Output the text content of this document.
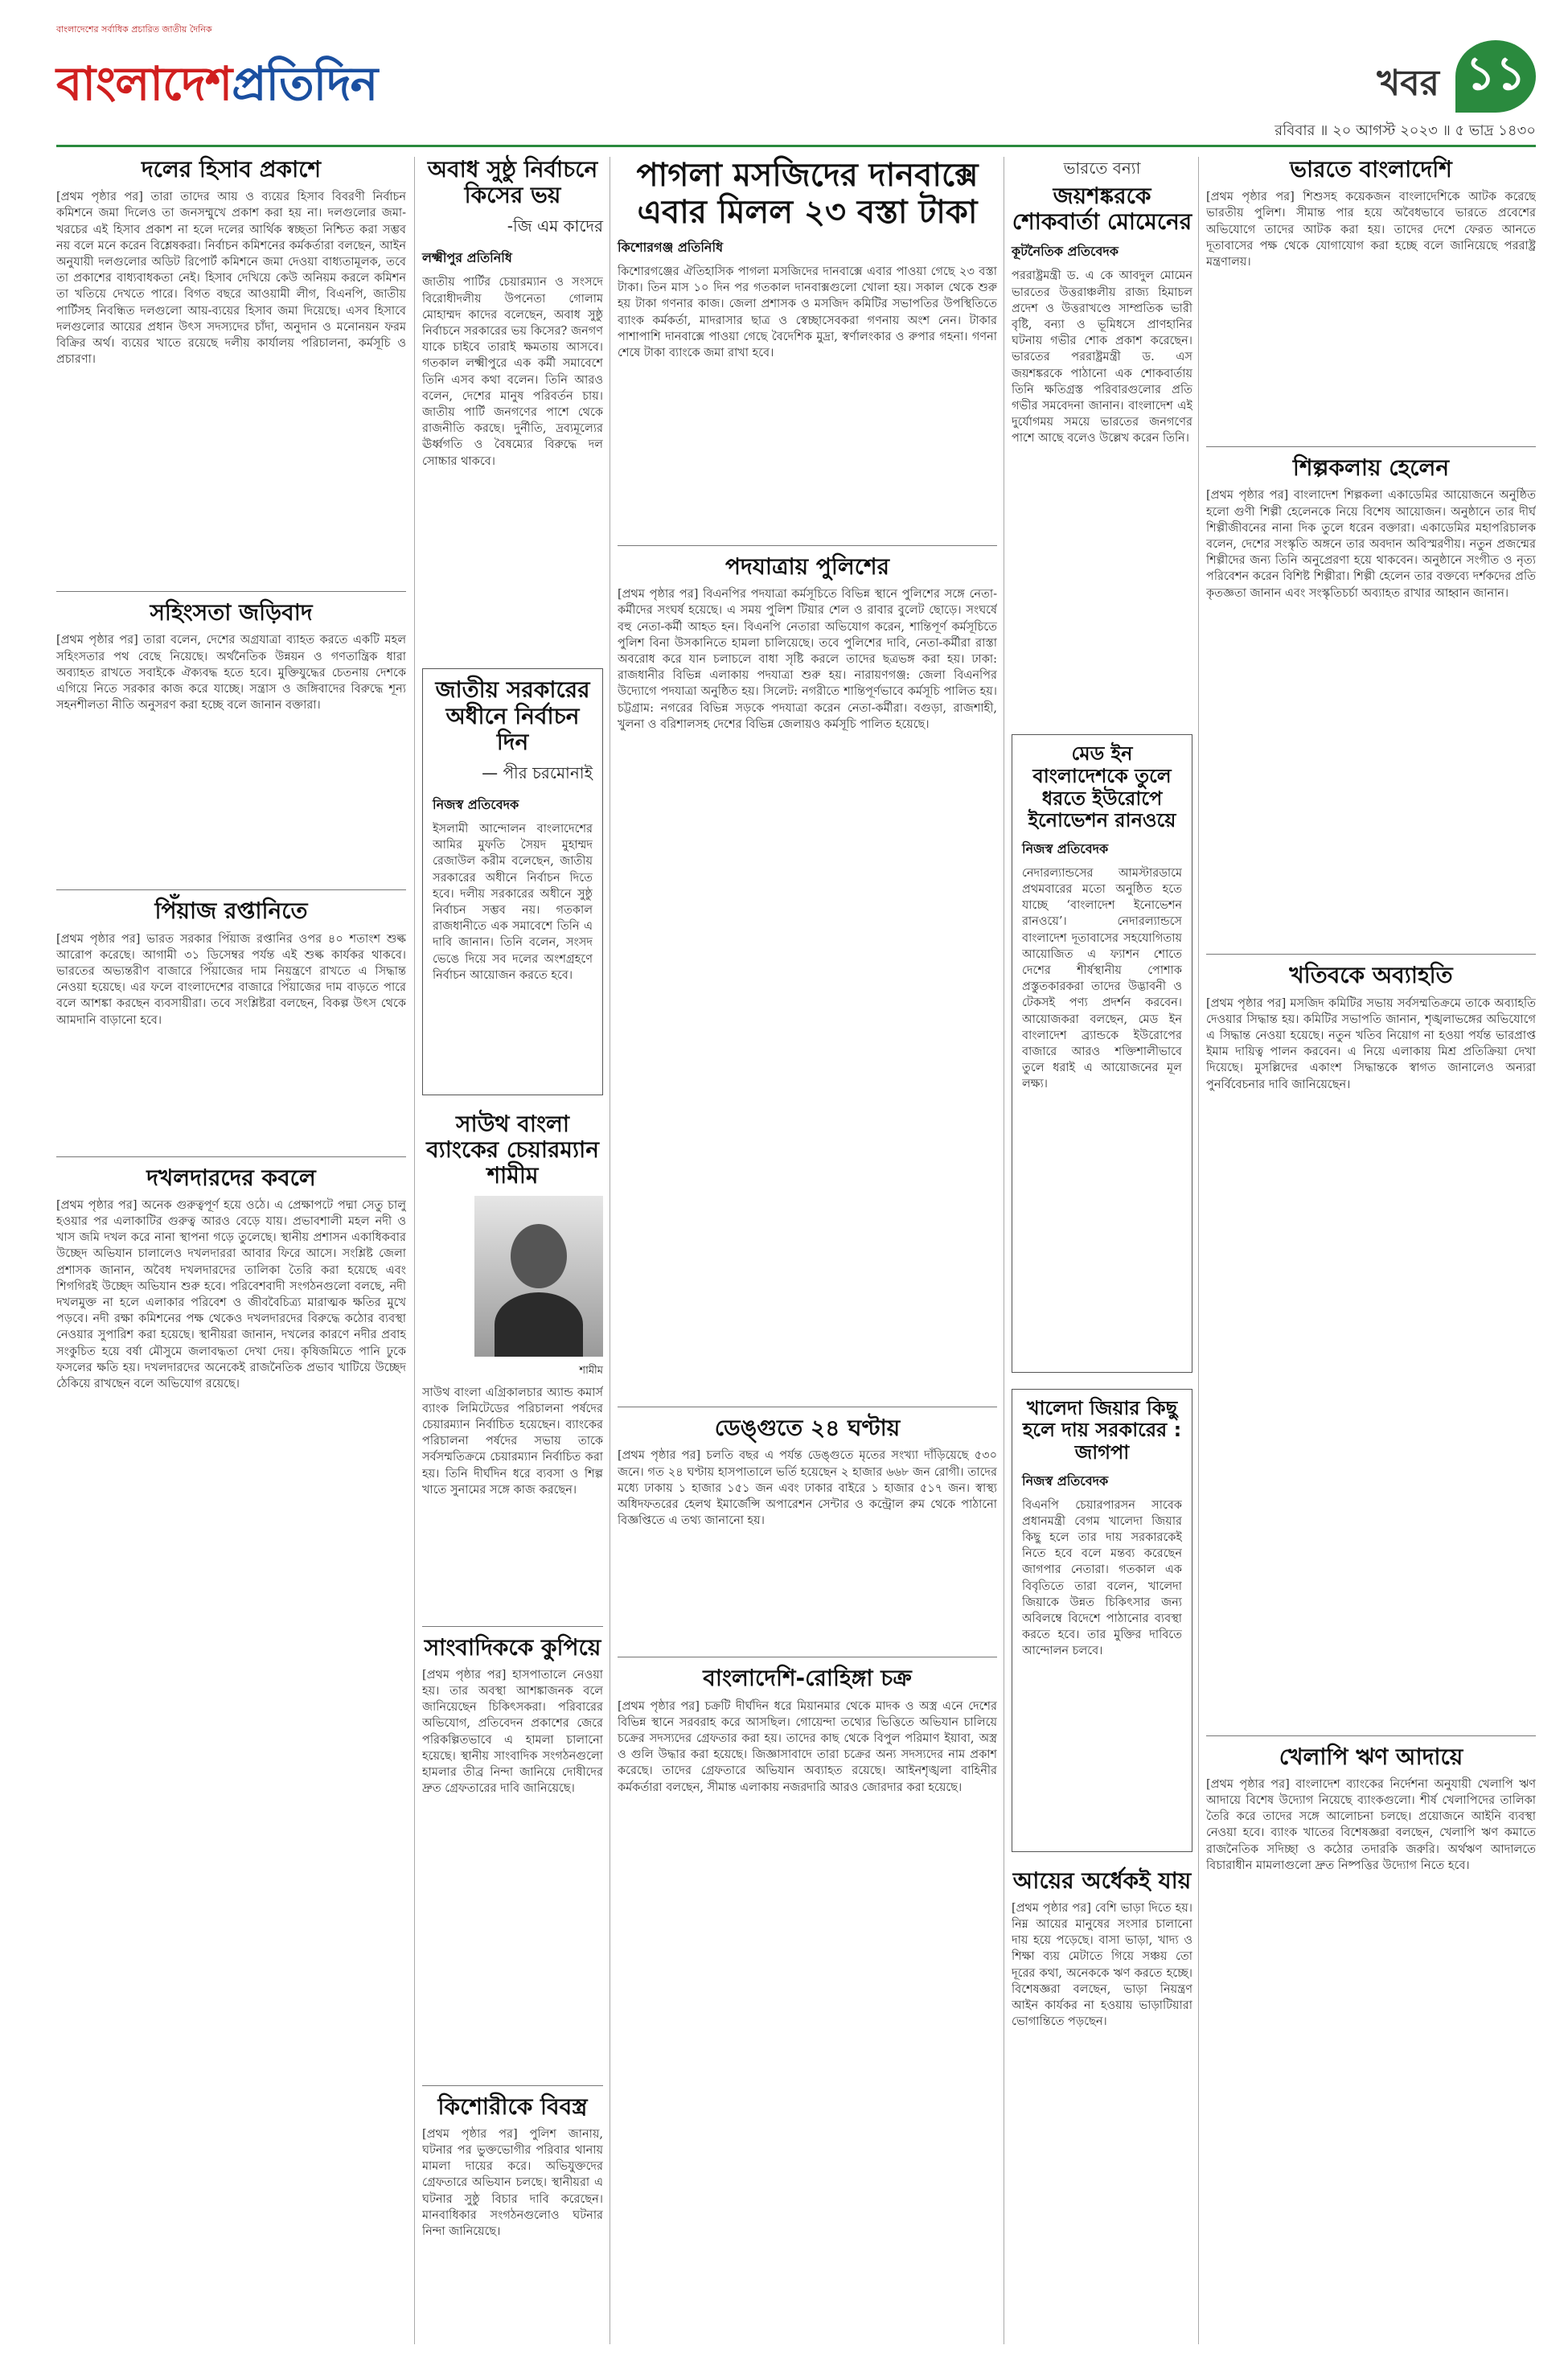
বাংলাদেশের সর্বাধিক প্রচারিত জাতীয় দৈনিক
বাংলাদেশপ্রতিদিন	খবর ১১
রবিবার ॥ ২০ আগস্ট ২০২৩ ॥ ৫ ভাদ্র ১৪৩০
দলের হিসাব প্রকাশে
[প্রথম পৃষ্ঠার পর] তারা তাদের আয় ও ব্যয়ের হিসাব বিবরণী নির্বাচন কমিশনে জমা দিলেও তা জনসম্মুখে প্রকাশ করা হয় না। দলগুলোর জমা-খরচের এই হিসাব প্রকাশ না হলে দলের আর্থিক স্বচ্ছতা নিশ্চিত করা সম্ভব নয় বলে মনে করেন বিশ্লেষকরা। নির্বাচন কমিশনের কর্মকর্তারা বলছেন, আইন অনুযায়ী দলগুলোর অডিট রিপোর্ট কমিশনে জমা দেওয়া বাধ্যতামূলক, তবে তা প্রকাশের বাধ্যবাধকতা নেই। হিসাব দেখিয়ে কেউ অনিয়ম করলে কমিশন তা খতিয়ে দেখতে পারে। বিগত বছরে আওয়ামী লীগ, বিএনপি, জাতীয় পার্টিসহ নিবন্ধিত দলগুলো আয়-ব্যয়ের হিসাব জমা দিয়েছে। এসব হিসাবে দলগুলোর আয়ের প্রধান উৎস সদস্যদের চাঁদা, অনুদান ও মনোনয়ন ফরম বিক্রির অর্থ। ব্যয়ের খাতে রয়েছে দলীয় কার্যালয় পরিচালনা, কর্মসূচি ও প্রচারণা।
সহিংসতা জড়িবাদ
[প্রথম পৃষ্ঠার পর] তারা বলেন, দেশের অগ্রযাত্রা ব্যাহত করতে একটি মহল সহিংসতার পথ বেছে নিয়েছে। অর্থনৈতিক উন্নয়ন ও গণতান্ত্রিক ধারা অব্যাহত রাখতে সবাইকে ঐক্যবদ্ধ হতে হবে। মুক্তিযুদ্ধের চেতনায় দেশকে এগিয়ে নিতে সরকার কাজ করে যাচ্ছে। সন্ত্রাস ও জঙ্গিবাদের বিরুদ্ধে শূন্য সহনশীলতা নীতি অনুসরণ করা হচ্ছে বলে জানান বক্তারা।
পিঁয়াজ রপ্তানিতে
[প্রথম পৃষ্ঠার পর] ভারত সরকার পিঁয়াজ রপ্তানির ওপর ৪০ শতাংশ শুল্ক আরোপ করেছে। আগামী ৩১ ডিসেম্বর পর্যন্ত এই শুল্ক কার্যকর থাকবে। ভারতের অভ্যন্তরীণ বাজারে পিঁয়াজের দাম নিয়ন্ত্রণে রাখতে এ সিদ্ধান্ত নেওয়া হয়েছে। এর ফলে বাংলাদেশের বাজারে পিঁয়াজের দাম বাড়তে পারে বলে আশঙ্কা করছেন ব্যবসায়ীরা। তবে সংশ্লিষ্টরা বলছেন, বিকল্প উৎস থেকে আমদানি বাড়ানো হবে।
দখলদারদের কবলে
[প্রথম পৃষ্ঠার পর] অনেক গুরুত্বপূর্ণ হয়ে ওঠে। এ প্রেক্ষাপটে পদ্মা সেতু চালু হওয়ার পর এলাকাটির গুরুত্ব আরও বেড়ে যায়। প্রভাবশালী মহল নদী ও খাস জমি দখল করে নানা স্থাপনা গড়ে তুলেছে। স্থানীয় প্রশাসন একাধিকবার উচ্ছেদ অভিযান চালালেও দখলদাররা আবার ফিরে আসে। সংশ্লিষ্ট জেলা প্রশাসক জানান, অবৈধ দখলদারদের তালিকা তৈরি করা হয়েছে এবং শিগগিরই উচ্ছেদ অভিযান শুরু হবে। পরিবেশবাদী সংগঠনগুলো বলছে, নদী দখলমুক্ত না হলে এলাকার পরিবেশ ও জীববৈচিত্র্য মারাত্মক ক্ষতির মুখে পড়বে। নদী রক্ষা কমিশনের পক্ষ থেকেও দখলদারদের বিরুদ্ধে কঠোর ব্যবস্থা নেওয়ার সুপারিশ করা হয়েছে। স্থানীয়রা জানান, দখলের কারণে নদীর প্রবাহ সংকুচিত হয়ে বর্ষা মৌসুমে জলাবদ্ধতা দেখা দেয়। কৃষিজমিতে পানি ঢুকে ফসলের ক্ষতি হয়। দখলদারদের অনেকেই রাজনৈতিক প্রভাব খাটিয়ে উচ্ছেদ ঠেকিয়ে রাখছেন বলে অভিযোগ রয়েছে।
অবাধ সুষ্ঠু নির্বাচনে কিসের ভয়
-জি এম কাদের
লক্ষ্মীপুর প্রতিনিধি
জাতীয় পার্টির চেয়ারম্যান ও সংসদে বিরোধীদলীয় উপনেতা গোলাম মোহাম্মদ কাদের বলেছেন, অবাধ সুষ্ঠু নির্বাচনে সরকারের ভয় কিসের? জনগণ যাকে চাইবে তারাই ক্ষমতায় আসবে। গতকাল লক্ষ্মীপুরে এক কর্মী সমাবেশে তিনি এসব কথা বলেন। তিনি আরও বলেন, দেশের মানুষ পরিবর্তন চায়। জাতীয় পার্টি জনগণের পাশে থেকে রাজনীতি করছে। দুর্নীতি, দ্রব্যমূল্যের ঊর্ধ্বগতি ও বৈষম্যের বিরুদ্ধে দল সোচ্চার থাকবে।
জাতীয় সরকারের অধীনে নির্বাচন দিন
— পীর চরমোনাই
নিজস্ব প্রতিবেদক
ইসলামী আন্দোলন বাংলাদেশের আমির মুফতি সৈয়দ মুহাম্মদ রেজাউল করীম বলেছেন, জাতীয় সরকারের অধীনে নির্বাচন দিতে হবে। দলীয় সরকারের অধীনে সুষ্ঠু নির্বাচন সম্ভব নয়। গতকাল রাজধানীতে এক সমাবেশে তিনি এ দাবি জানান। তিনি বলেন, সংসদ ভেঙে দিয়ে সব দলের অংশগ্রহণে নির্বাচন আয়োজন করতে হবে।
সাউথ বাংলা ব্যাংকের চেয়ারম্যান শামীম
শামীম
সাউথ বাংলা এগ্রিকালচার অ্যান্ড কমার্স ব্যাংক লিমিটেডের পরিচালনা পর্ষদের চেয়ারম্যান নির্বাচিত হয়েছেন। ব্যাংকের পরিচালনা পর্ষদের সভায় তাকে সর্বসম্মতিক্রমে চেয়ারম্যান নির্বাচিত করা হয়। তিনি দীর্ঘদিন ধরে ব্যবসা ও শিল্প খাতে সুনামের সঙ্গে কাজ করছেন।
সাংবাদিককে কুপিয়ে
[প্রথম পৃষ্ঠার পর] হাসপাতালে নেওয়া হয়। তার অবস্থা আশঙ্কাজনক বলে জানিয়েছেন চিকিৎসকরা। পরিবারের অভিযোগ, প্রতিবেদন প্রকাশের জেরে পরিকল্পিতভাবে এ হামলা চালানো হয়েছে। স্থানীয় সাংবাদিক সংগঠনগুলো হামলার তীব্র নিন্দা জানিয়ে দোষীদের দ্রুত গ্রেফতারের দাবি জানিয়েছে।
কিশোরীকে বিবস্ত্র
[প্রথম পৃষ্ঠার পর] পুলিশ জানায়, ঘটনার পর ভুক্তভোগীর পরিবার থানায় মামলা দায়ের করে। অভিযুক্তদের গ্রেফতারে অভিযান চলছে। স্থানীয়রা এ ঘটনার সুষ্ঠু বিচার দাবি করেছেন। মানবাধিকার সংগঠনগুলোও ঘটনার নিন্দা জানিয়েছে।
পাগলা মসজিদের দানবাক্সে এবার মিলল ২৩ বস্তা টাকা
কিশোরগঞ্জ প্রতিনিধি
কিশোরগঞ্জের ঐতিহাসিক পাগলা মসজিদের দানবাক্সে এবার পাওয়া গেছে ২৩ বস্তা টাকা। তিন মাস ১০ দিন পর গতকাল দানবাক্সগুলো খোলা হয়। সকাল থেকে শুরু হয় টাকা গণনার কাজ। জেলা প্রশাসক ও মসজিদ কমিটির সভাপতির উপস্থিতিতে ব্যাংক কর্মকর্তা, মাদরাসার ছাত্র ও স্বেচ্ছাসেবকরা গণনায় অংশ নেন। টাকার পাশাপাশি দানবাক্সে পাওয়া গেছে বৈদেশিক মুদ্রা, স্বর্ণালংকার ও রুপার গহনা। গণনা শেষে টাকা ব্যাংকে জমা রাখা হবে।
পদযাত্রায় পুলিশের
[প্রথম পৃষ্ঠার পর] বিএনপির পদযাত্রা কর্মসূচিতে বিভিন্ন স্থানে পুলিশের সঙ্গে নেতা-কর্মীদের সংঘর্ষ হয়েছে। এ সময় পুলিশ টিয়ার শেল ও রাবার বুলেট ছোড়ে। সংঘর্ষে বহু নেতা-কর্মী আহত হন। বিএনপি নেতারা অভিযোগ করেন, শান্তিপূর্ণ কর্মসূচিতে পুলিশ বিনা উসকানিতে হামলা চালিয়েছে। তবে পুলিশের দাবি, নেতা-কর্মীরা রাস্তা অবরোধ করে যান চলাচলে বাধা সৃষ্টি করলে তাদের ছত্রভঙ্গ করা হয়। ঢাকা: রাজধানীর বিভিন্ন এলাকায় পদযাত্রা শুরু হয়। নারায়ণগঞ্জ: জেলা বিএনপির উদ্যোগে পদযাত্রা অনুষ্ঠিত হয়। সিলেট: নগরীতে শান্তিপূর্ণভাবে কর্মসূচি পালিত হয়। চট্টগ্রাম: নগরের বিভিন্ন সড়কে পদযাত্রা করেন নেতা-কর্মীরা। বগুড়া, রাজশাহী, খুলনা ও বরিশালসহ দেশের বিভিন্ন জেলায়ও কর্মসূচি পালিত হয়েছে।
ডেঙ্গুতে ২৪ ঘণ্টায়
[প্রথম পৃষ্ঠার পর] চলতি বছর এ পর্যন্ত ডেঙ্গুতে মৃতের সংখ্যা দাঁড়িয়েছে ৫৩০ জনে। গত ২৪ ঘণ্টায় হাসপাতালে ভর্তি হয়েছেন ২ হাজার ৬৬৮ জন রোগী। তাদের মধ্যে ঢাকায় ১ হাজার ১৫১ জন এবং ঢাকার বাইরে ১ হাজার ৫১৭ জন। স্বাস্থ্য অধিদফতরের হেলথ ইমার্জেন্সি অপারেশন সেন্টার ও কন্ট্রোল রুম থেকে পাঠানো বিজ্ঞপ্তিতে এ তথ্য জানানো হয়।
বাংলাদেশি-রোহিঙ্গা চক্র
[প্রথম পৃষ্ঠার পর] চক্রটি দীর্ঘদিন ধরে মিয়ানমার থেকে মাদক ও অস্ত্র এনে দেশের বিভিন্ন স্থানে সরবরাহ করে আসছিল। গোয়েন্দা তথ্যের ভিত্তিতে অভিযান চালিয়ে চক্রের সদস্যদের গ্রেফতার করা হয়। তাদের কাছ থেকে বিপুল পরিমাণ ইয়াবা, অস্ত্র ও গুলি উদ্ধার করা হয়েছে। জিজ্ঞাসাবাদে তারা চক্রের অন্য সদস্যদের নাম প্রকাশ করেছে। তাদের গ্রেফতারে অভিযান অব্যাহত রয়েছে। আইনশৃঙ্খলা বাহিনীর কর্মকর্তারা বলছেন, সীমান্ত এলাকায় নজরদারি আরও জোরদার করা হয়েছে।
ভারতে বন্যা
জয়শঙ্করকে শোকবার্তা মোমেনের
কূটনৈতিক প্রতিবেদক
পররাষ্ট্রমন্ত্রী ড. এ কে আবদুল মোমেন ভারতের উত্তরাঞ্চলীয় রাজ্য হিমাচল প্রদেশ ও উত্তরাখণ্ডে সাম্প্রতিক ভারী বৃষ্টি, বন্যা ও ভূমিধসে প্রাণহানির ঘটনায় গভীর শোক প্রকাশ করেছেন। ভারতের পররাষ্ট্রমন্ত্রী ড. এস জয়শঙ্করকে পাঠানো এক শোকবার্তায় তিনি ক্ষতিগ্রস্ত পরিবারগুলোর প্রতি গভীর সমবেদনা জানান। বাংলাদেশ এই দুর্যোগময় সময়ে ভারতের জনগণের পাশে আছে বলেও উল্লেখ করেন তিনি।
মেড ইন বাংলাদেশকে তুলে ধরতে ইউরোপে ইনোভেশন রানওয়ে
নিজস্ব প্রতিবেদক
নেদারল্যান্ডসের আমস্টারডামে প্রথমবারের মতো অনুষ্ঠিত হতে যাচ্ছে ‘বাংলাদেশ ইনোভেশন রানওয়ে’। নেদারল্যান্ডসে বাংলাদেশ দূতাবাসের সহযোগিতায় আয়োজিত এ ফ্যাশন শোতে দেশের শীর্ষস্থানীয় পোশাক প্রস্তুতকারকরা তাদের উদ্ভাবনী ও টেকসই পণ্য প্রদর্শন করবেন। আয়োজকরা বলছেন, মেড ইন বাংলাদেশ ব্র্যান্ডকে ইউরোপের বাজারে আরও শক্তিশালীভাবে তুলে ধরাই এ আয়োজনের মূল লক্ষ্য।
খালেদা জিয়ার কিছু হলে দায় সরকারের : জাগপা
নিজস্ব প্রতিবেদক
বিএনপি চেয়ারপারসন সাবেক প্রধানমন্ত্রী বেগম খালেদা জিয়ার কিছু হলে তার দায় সরকারকেই নিতে হবে বলে মন্তব্য করেছেন জাগপার নেতারা। গতকাল এক বিবৃতিতে তারা বলেন, খালেদা জিয়াকে উন্নত চিকিৎসার জন্য অবিলম্বে বিদেশে পাঠানোর ব্যবস্থা করতে হবে। তার মুক্তির দাবিতে আন্দোলন চলবে।
আয়ের অর্ধেকই যায়
[প্রথম পৃষ্ঠার পর] বেশি ভাড়া দিতে হয়। নিম্ন আয়ের মানুষের সংসার চালানো দায় হয়ে পড়েছে। বাসা ভাড়া, খাদ্য ও শিক্ষা ব্যয় মেটাতে গিয়ে সঞ্চয় তো দূরের কথা, অনেককে ঋণ করতে হচ্ছে। বিশেষজ্ঞরা বলছেন, ভাড়া নিয়ন্ত্রণ আইন কার্যকর না হওয়ায় ভাড়াটিয়ারা ভোগান্তিতে পড়ছেন।
ভারতে বাংলাদেশি
[প্রথম পৃষ্ঠার পর] শিশুসহ কয়েকজন বাংলাদেশিকে আটক করেছে ভারতীয় পুলিশ। সীমান্ত পার হয়ে অবৈধভাবে ভারতে প্রবেশের অভিযোগে তাদের আটক করা হয়। তাদের দেশে ফেরত আনতে দূতাবাসের পক্ষ থেকে যোগাযোগ করা হচ্ছে বলে জানিয়েছে পররাষ্ট্র মন্ত্রণালয়।
শিল্পকলায় হেলেন
[প্রথম পৃষ্ঠার পর] বাংলাদেশ শিল্পকলা একাডেমির আয়োজনে অনুষ্ঠিত হলো গুণী শিল্পী হেলেনকে নিয়ে বিশেষ আয়োজন। অনুষ্ঠানে তার দীর্ঘ শিল্পীজীবনের নানা দিক তুলে ধরেন বক্তারা। একাডেমির মহাপরিচালক বলেন, দেশের সংস্কৃতি অঙ্গনে তার অবদান অবিস্মরণীয়। নতুন প্রজন্মের শিল্পীদের জন্য তিনি অনুপ্রেরণা হয়ে থাকবেন। অনুষ্ঠানে সংগীত ও নৃত্য পরিবেশন করেন বিশিষ্ট শিল্পীরা। শিল্পী হেলেন তার বক্তব্যে দর্শকদের প্রতি কৃতজ্ঞতা জানান এবং সংস্কৃতিচর্চা অব্যাহত রাখার আহ্বান জানান।
খতিবকে অব্যাহতি
[প্রথম পৃষ্ঠার পর] মসজিদ কমিটির সভায় সর্বসম্মতিক্রমে তাকে অব্যাহতি দেওয়ার সিদ্ধান্ত হয়। কমিটির সভাপতি জানান, শৃঙ্খলাভঙ্গের অভিযোগে এ সিদ্ধান্ত নেওয়া হয়েছে। নতুন খতিব নিয়োগ না হওয়া পর্যন্ত ভারপ্রাপ্ত ইমাম দায়িত্ব পালন করবেন। এ নিয়ে এলাকায় মিশ্র প্রতিক্রিয়া দেখা দিয়েছে। মুসল্লিদের একাংশ সিদ্ধান্তকে স্বাগত জানালেও অন্যরা পুনর্বিবেচনার দাবি জানিয়েছেন।
খেলাপি ঋণ আদায়ে
[প্রথম পৃষ্ঠার পর] বাংলাদেশ ব্যাংকের নির্দেশনা অনুযায়ী খেলাপি ঋণ আদায়ে বিশেষ উদ্যোগ নিয়েছে ব্যাংকগুলো। শীর্ষ খেলাপিদের তালিকা তৈরি করে তাদের সঙ্গে আলোচনা চলছে। প্রয়োজনে আইনি ব্যবস্থা নেওয়া হবে। ব্যাংক খাতের বিশেষজ্ঞরা বলছেন, খেলাপি ঋণ কমাতে রাজনৈতিক সদিচ্ছা ও কঠোর তদারকি জরুরি। অর্থঋণ আদালতে বিচারাধীন মামলাগুলো দ্রুত নিষ্পত্তির উদ্যোগ নিতে হবে।
